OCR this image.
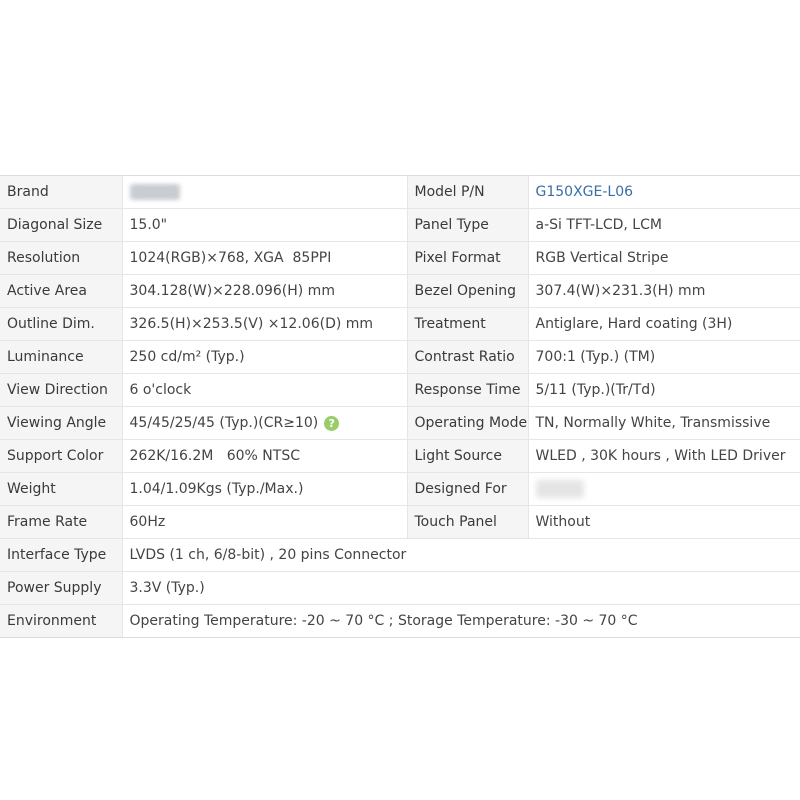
Brand		Model P/N	G150XGE-L06
Diagonal Size	15.0"	Panel Type	a-Si TFT-LCD, LCM
Resolution	1024(RGB)×768, XGA  85PPI	Pixel Format	RGB Vertical Stripe
Active Area	304.128(W)×228.096(H) mm	Bezel Opening	307.4(W)×231.3(H) mm
Outline Dim.	326.5(H)×253.5(V) ×12.06(D) mm	Treatment	Antiglare, Hard coating (3H)
Luminance	250 cd/m² (Typ.)	Contrast Ratio	700:1 (Typ.) (TM)
View Direction	6 o'clock	Response Time	5/11 (Typ.)(Tr/Td)
Viewing Angle	45/45/25/45 (Typ.)(CR≥10) ?	Operating Mode	TN, Normally White, Transmissive
Support Color	262K/16.2M   60% NTSC	Light Source	WLED , 30K hours , With LED Driver
Weight	1.04/1.09Kgs (Typ./Max.)	Designed For	
Frame Rate	60Hz	Touch Panel	Without
Interface Type	LVDS (1 ch, 6/8-bit) , 20 pins Connector		
Power Supply	3.3V (Typ.)		
Environment	Operating Temperature: -20 ~ 70 °C ; Storage Temperature: -30 ~ 70 °C		
